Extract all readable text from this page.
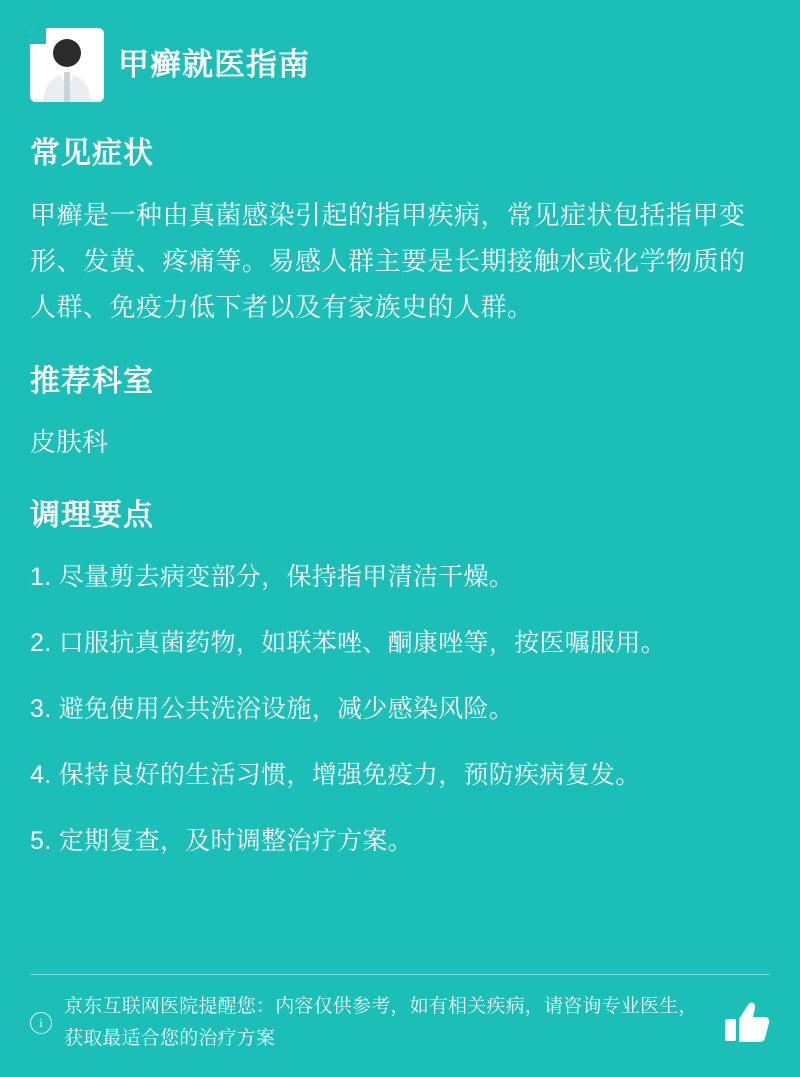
甲癣就医指南
常见症状

甲癣是一种由真菌感染引起的指甲疾病，常见症状包括指甲变形、发黄、疼痛等。易感人群主要是长期接触水或化学物质的人群、免疫力低下者以及有家族史的人群。

推荐科室

皮肤科

调理要点
1. 尽量剪去病变部分，保持指甲清洁干燥。
2. 口服抗真菌药物，如联苯唑、酮康唑等，按医嘱服用。
3. 避免使用公共洗浴设施，减少感染风险。
4. 保持良好的生活习惯，增强免疫力，预防疾病复发。
5. 定期复查，及时调整治疗方案。
i
京东互联网医院提醒您：内容仅供参考，如有相关疾病，请咨询专业医生，获取最适合您的治疗方案
